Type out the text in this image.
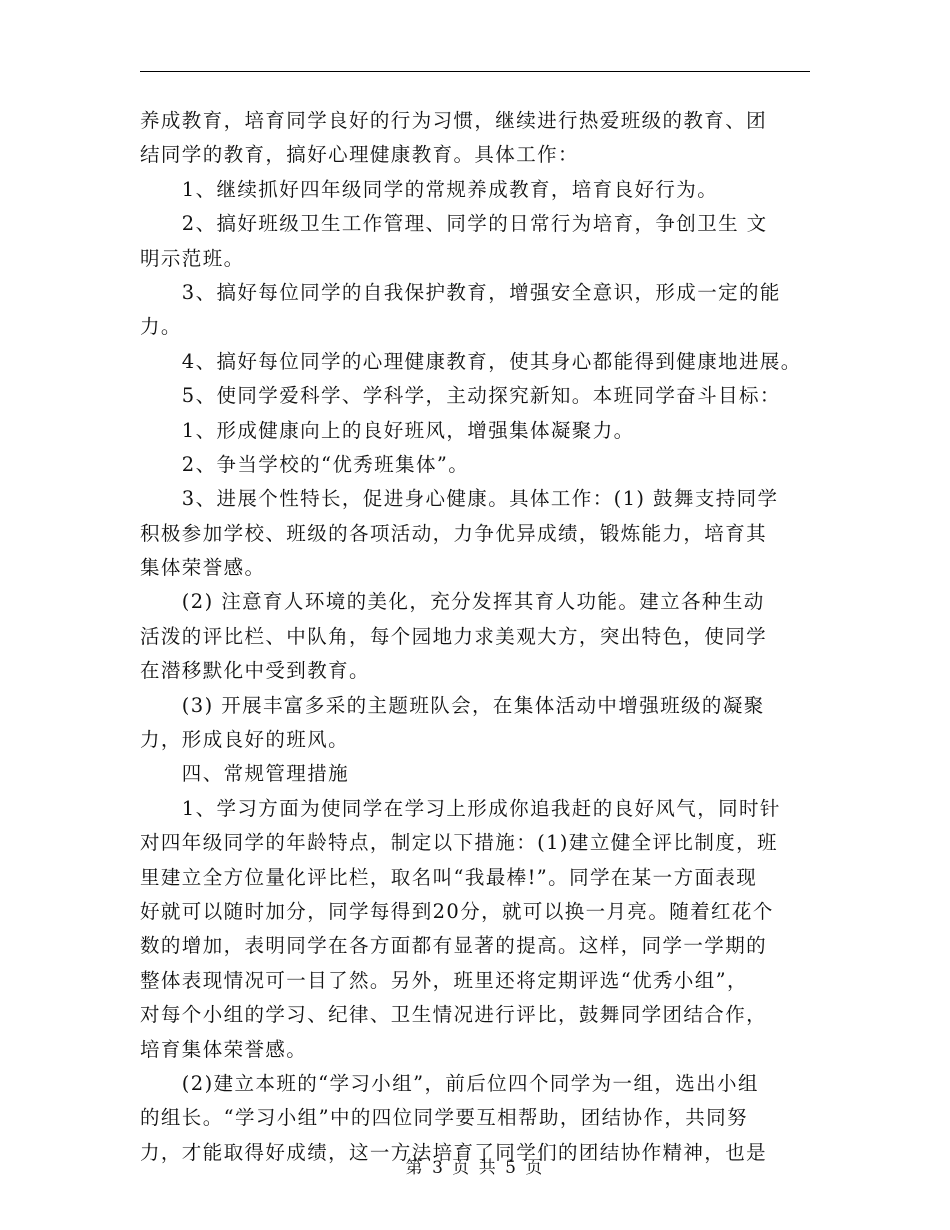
养成教育，培育同学良好的行为习惯，继续进行热爱班级的教育、团
结同学的教育，搞好心理健康教育。具体工作：
　　1、继续抓好四年级同学的常规养成教育，培育良好行为。
　　2、搞好班级卫生工作管理、同学的日常行为培育，争创卫生 文
明示范班。
　　3、搞好每位同学的自我保护教育，增强安全意识，形成一定的能
力。
　　4、搞好每位同学的心理健康教育，使其身心都能得到健康地进展。
　　5、使同学爱科学、学科学，主动探究新知。本班同学奋斗目标：
　　1、形成健康向上的良好班风，增强集体凝聚力。
　　2、争当学校的“优秀班集体”。
　　3、进展个性特长，促进身心健康。具体工作：(1) 鼓舞支持同学
积极参加学校、班级的各项活动，力争优异成绩，锻炼能力，培育其
集体荣誉感。
　　(2) 注意育人环境的美化，充分发挥其育人功能。建立各种生动
活泼的评比栏、中队角，每个园地力求美观大方，突出特色，使同学
在潜移默化中受到教育。
　　(3) 开展丰富多采的主题班队会，在集体活动中增强班级的凝聚
力，形成良好的班风。
　　四、常规管理措施
　　1、学习方面为使同学在学习上形成你追我赶的良好风气，同时针
对四年级同学的年龄特点，制定以下措施：(1)建立健全评比制度，班
里建立全方位量化评比栏，取名叫“我最棒!”。同学在某一方面表现
好就可以随时加分，同学每得到20分，就可以换一月亮。随着红花个
数的增加，表明同学在各方面都有显著的提高。这样，同学一学期的
整体表现情况可一目了然。另外，班里还将定期评选“优秀小组”，
对每个小组的学习、纪律、卫生情况进行评比，鼓舞同学团结合作，
培育集体荣誉感。
　　(2)建立本班的“学习小组”，前后位四个同学为一组，选出小组
的组长。“学习小组”中的四位同学要互相帮助，团结协作，共同努
力，才能取得好成绩，这一方法培育了同学们的团结协作精神，也是
第 3 页 共 5 页
